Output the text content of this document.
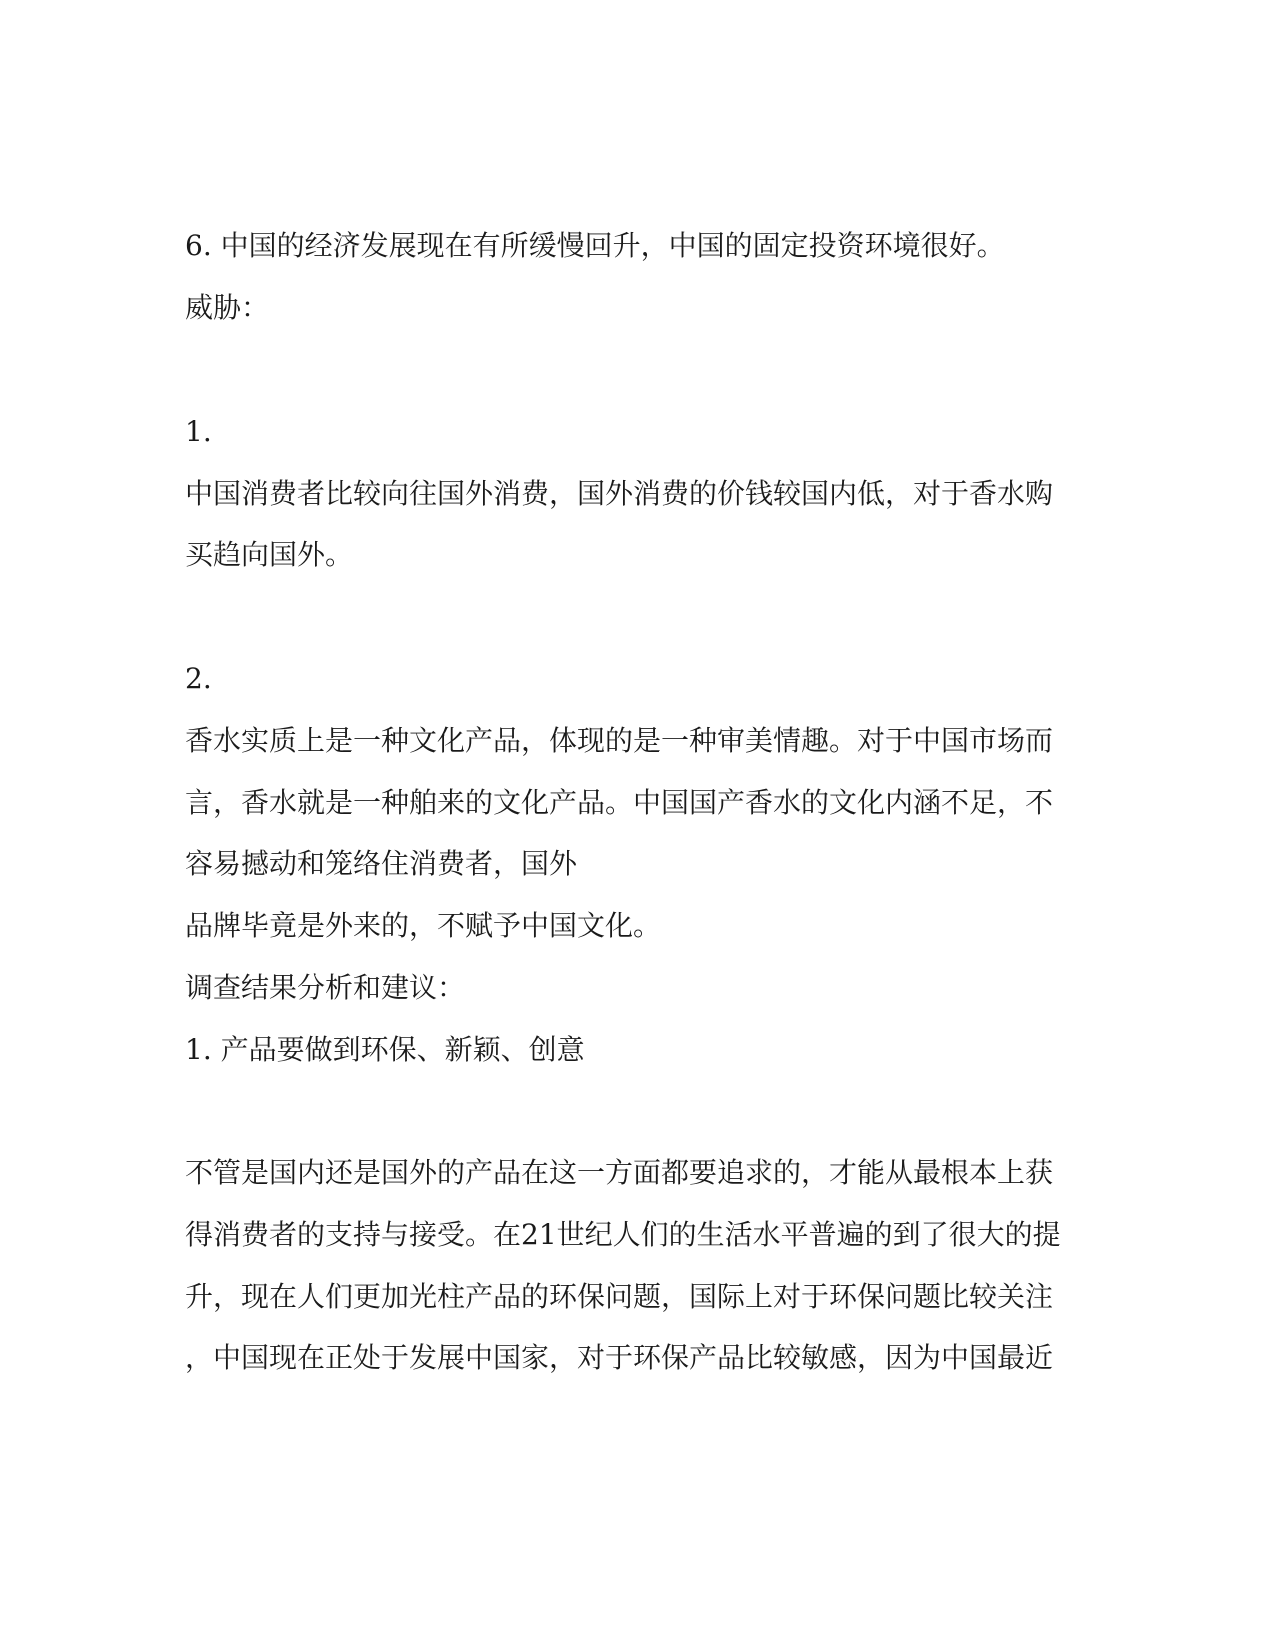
6. 中国的经济发展现在有所缓慢回升，中国的固定投资环境很好。
威胁：
1.
中国消费者比较向往国外消费，国外消费的价钱较国内低，对于香水购
买趋向国外。
2.
香水实质上是一种文化产品，体现的是一种审美情趣。对于中国市场而
言，香水就是一种舶来的文化产品。中国国产香水的文化内涵不足，不
容易撼动和笼络住消费者，国外
品牌毕竟是外来的，不赋予中国文化。
调查结果分析和建议：
1. 产品要做到环保、新颖、创意
不管是国内还是国外的产品在这一方面都要追求的，才能从最根本上获
得消费者的支持与接受。在21世纪人们的生活水平普遍的到了很大的提
升，现在人们更加光柱产品的环保问题，国际上对于环保问题比较关注
，中国现在正处于发展中国家，对于环保产品比较敏感，因为中国最近
